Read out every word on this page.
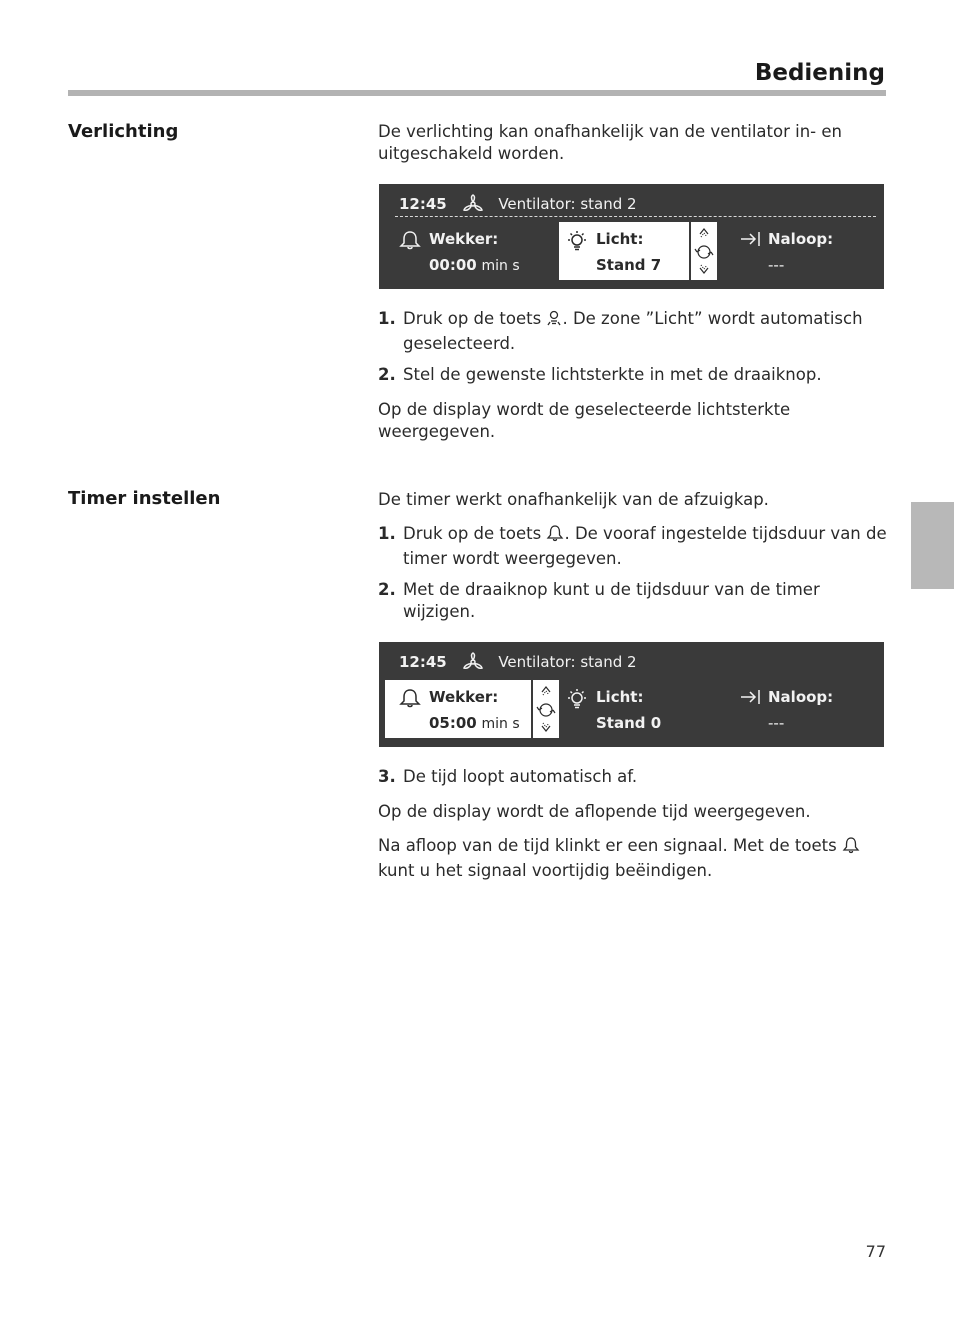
Bediening
Verlichting	De verlichting kan onafhankelijk van de ventilator in- en uitgeschakeld worden.
12:45	Ventilator: stand 2
Wekker:
00:00 min s
Licht:
Stand 7
Naloop:
---
1. Druk op de toets . De zone ”Licht” wordt automatisch geselecteerd.
2. Stel de gewenste lichtsterkte in met de draaiknop.
Op de display wordt de geselecteerde lichtsterkte weergegeven.
Timer instellen	De timer werkt onafhankelijk van de afzuigkap.
1. Druk op de toets . De vooraf ingestelde tijdsduur van de timer wordt weergegeven.
2. Met de draaiknop kunt u de tijdsduur van de timer wijzigen.
12:45	Ventilator: stand 2
Wekker:
05:00 min s
Licht:
Stand 0
Naloop:
---
3. De tijd loopt automatisch af.
Op de display wordt de aflopende tijd weergegeven.
Na afloop van de tijd klinkt er een signaal. Met de toets  kunt u het signaal voortijdig beëindigen.
77
